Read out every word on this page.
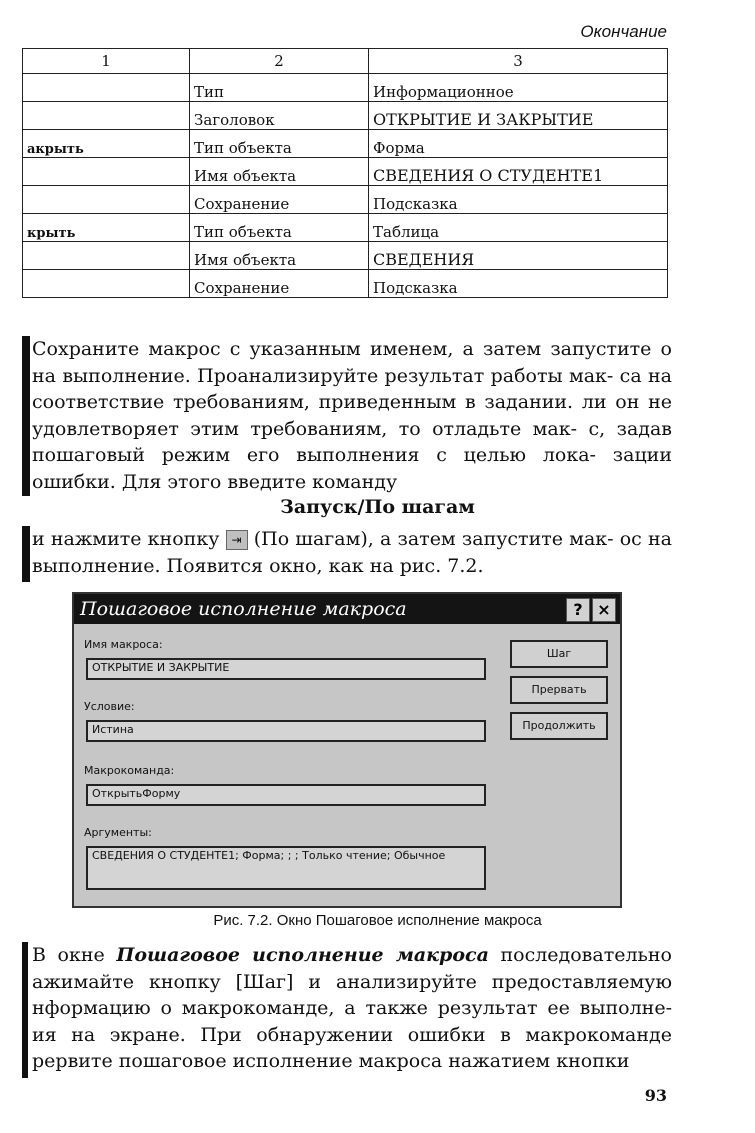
Окончание
1	2	3
	Тип	Информационное
	Заголовок	ОТКРЫТИЕ И ЗАКРЫТИЕ
акрыть	Тип объекта	Форма
	Имя объекта	СВЕДЕНИЯ О СТУДЕНТЕ1
	Сохранение	Подсказка
крыть	Тип объекта	Таблица
	Имя объекта	СВЕДЕНИЯ
	Сохранение	Подсказка

Сохраните макрос с указанным именем, а затем запустите о на выполнение. Проанализируйте результат работы мак- са на соответствие требованиям, приведенным в задании. ли он не удовлетворяет этим требованиям, то отладьте мак- с, задав пошаговый режим его выполнения с целью лока- зации ошибки. Для этого введите команду

Запуск/По шагам

и нажмите кнопку ⇥ (По шагам), а затем запустите мак- ос на выполнение. Появится окно, как на рис. 7.2.

Пошаговое исполнение макроса	? ×
Имя макроса:
ОТКРЫТИЕ И ЗАКРЫТИЕ
Условие:
Истина
Макрокоманда:
ОткрытьФорму
Аргументы:
СВЕДЕНИЯ О СТУДЕНТЕ1; Форма; ; ; Только чтение; Обычное
Шаг
Прервать
Продолжить
Рис. 7.2. Окно Пошаговое исполнение макроса

В окне Пошаговое исполнение макроса последовательно ажимайте кнопку [Шаг] и анализируйте предоставляемую нформацию о макрокоманде, а также результат ее выполне- ия на экране. При обнаружении ошибки в макрокоманде рервите пошаговое исполнение макроса нажатием кнопки

93
